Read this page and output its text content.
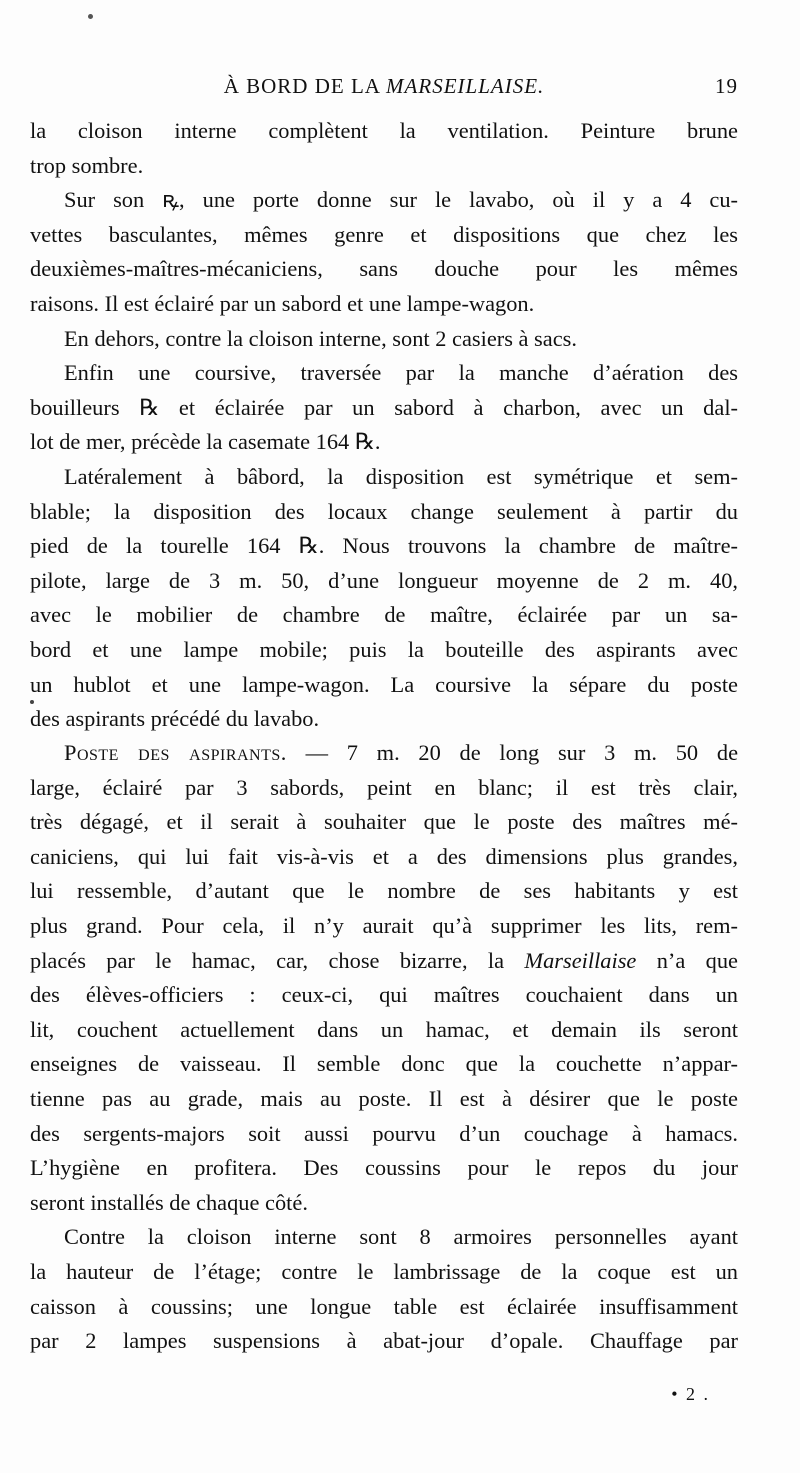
À BORD DE LA MARSEILLAISE.	19
la cloison interne complètent la ventilation. Peinture brune
trop sombre.
Sur son ꝶ, une porte donne sur le lavabo, où il y a 4 cu-
vettes basculantes, mêmes genre et dispositions que chez les
deuxièmes-maîtres-mécaniciens, sans douche pour les mêmes
raisons. Il est éclairé par un sabord et une lampe-wagon.
En dehors, contre la cloison interne, sont 2 casiers à sacs.
Enfin une coursive, traversée par la manche d’aération des
bouilleurs ℞ et éclairée par un sabord à charbon, avec un dal-
lot de mer, précède la casemate 164 ℞.
Latéralement à bâbord, la disposition est symétrique et sem-
blable; la disposition des locaux change seulement à partir du
pied de la tourelle 164 ℞. Nous trouvons la chambre de maître-
pilote, large de 3 m. 50, d’une longueur moyenne de 2 m. 40,
avec le mobilier de chambre de maître, éclairée par un sa-
bord et une lampe mobile; puis la bouteille des aspirants avec
un hublot et une lampe-wagon. La coursive la sépare du poste
des aspirants précédé du lavabo.
Poste des aspirants. — 7 m. 20 de long sur 3 m. 50 de
large, éclairé par 3 sabords, peint en blanc; il est très clair,
très dégagé, et il serait à souhaiter que le poste des maîtres mé-
caniciens, qui lui fait vis-à-vis et a des dimensions plus grandes,
lui ressemble, d’autant que le nombre de ses habitants y est
plus grand. Pour cela, il n’y aurait qu’à supprimer les lits, rem-
placés par le hamac, car, chose bizarre, la Marseillaise n’a que
des élèves-officiers : ceux-ci, qui maîtres couchaient dans un
lit, couchent actuellement dans un hamac, et demain ils seront
enseignes de vaisseau. Il semble donc que la couchette n’appar-
tienne pas au grade, mais au poste. Il est à désirer que le poste
des sergents-majors soit aussi pourvu d’un couchage à hamacs.
L’hygiène en profitera. Des coussins pour le repos du jour
seront installés de chaque côté.
Contre la cloison interne sont 8 armoires personnelles ayant
la hauteur de l’étage; contre le lambrissage de la coque est un
caisson à coussins; une longue table est éclairée insuffisamment
par 2 lampes suspensions à abat-jour d’opale. Chauffage par
• 2 .
